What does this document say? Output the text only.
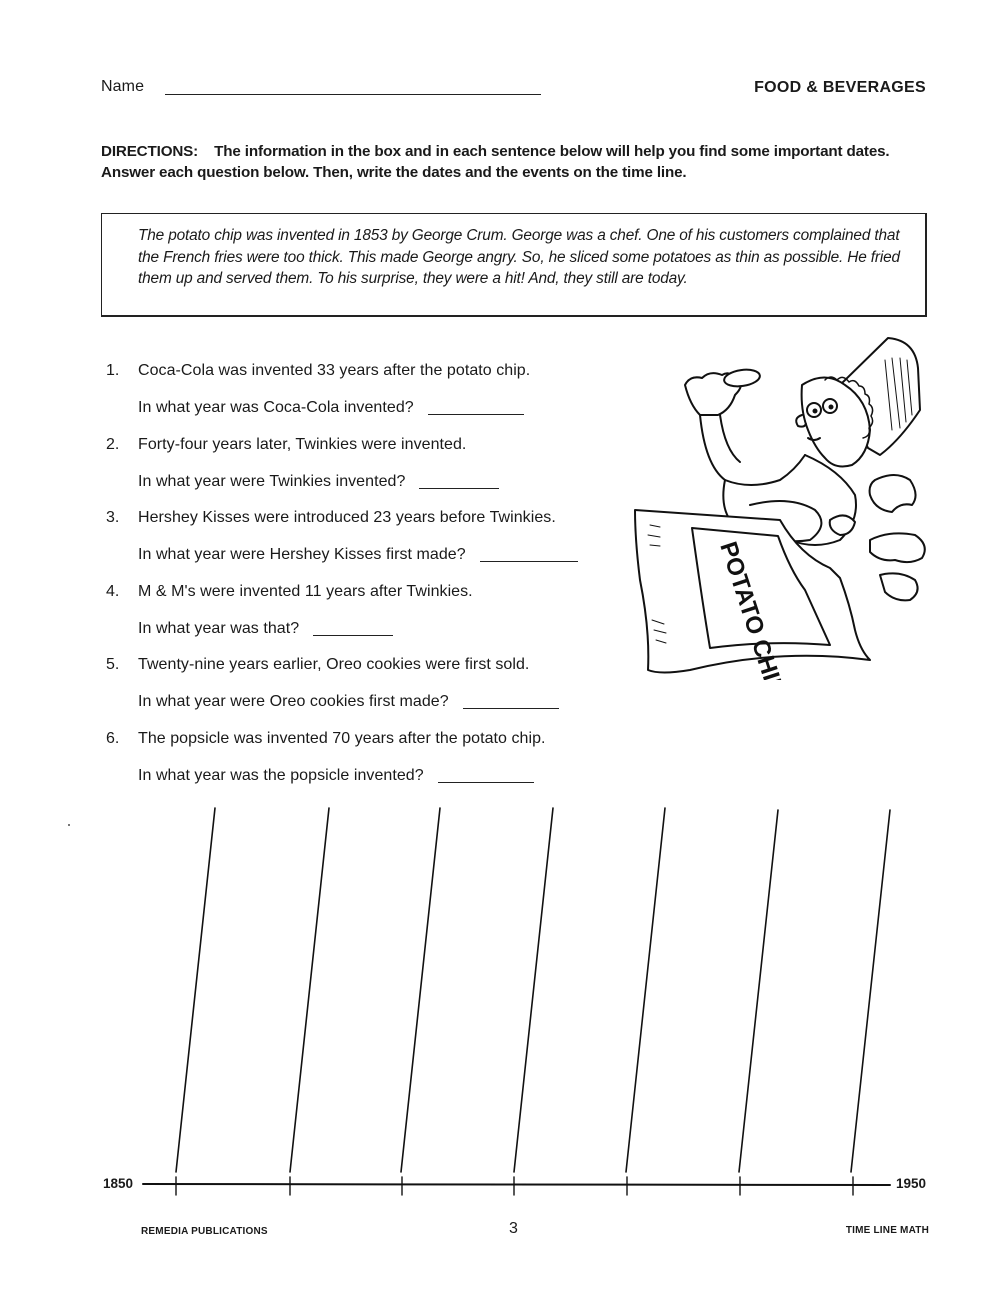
Name	FOOD & BEVERAGES
DIRECTIONS: The information in the box and in each sentence below will help you find some important dates. Answer each question below. Then, write the dates and the events on the time line.
The potato chip was invented in 1853 by George Crum. George was a chef. One of his customers complained that the French fries were too thick. This made George angry. So, he sliced some potatoes as thin as possible. He fried them up and served them. To his surprise, they were a hit! And, they still are today.
1. Coca-Cola was invented 33 years after the potato chip.
In what year was Coca-Cola invented?
2. Forty-four years later, Twinkies were invented.
In what year were Twinkies invented?
3. Hershey Kisses were introduced 23 years before Twinkies.
In what year were Hershey Kisses first made?
4. M & M's were invented 11 years after Twinkies.
In what year was that?
5. Twenty-nine years earlier, Oreo cookies were first sold.
In what year were Oreo cookies first made?
6. The popsicle was invented 70 years after the potato chip.
In what year was the popsicle invented?
POTATO CHIPS
1850	1950
REMEDIA PUBLICATIONS	3	TIME LINE MATH
